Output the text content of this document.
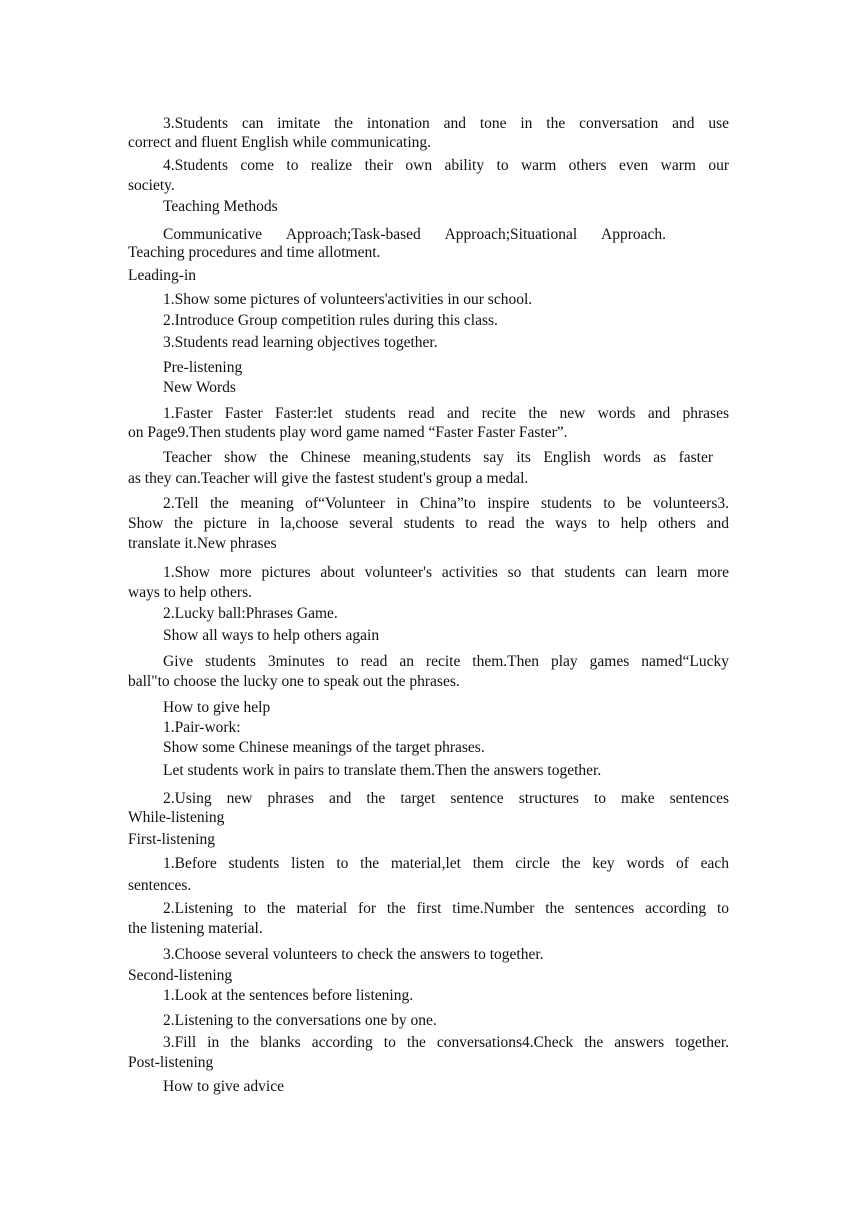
3.Students can imitate the intonation and tone in the conversation and use
correct and fluent English while communicating.
4.Students come to realize their own ability to warm others even warm our
society.
Teaching Methods
Communicative Approach;Task-based Approach;Situational Approach.
Teaching procedures and time allotment.
Leading-in
1.Show some pictures of volunteers'activities in our school.
2.Introduce Group competition rules during this class.
3.Students read learning objectives together.
Pre-listening
New Words
1.Faster Faster Faster:let students read and recite the new words and phrases
on Page9.Then students play word game named “Faster Faster Faster”.
Teacher show the Chinese meaning,students say its English words as faster
as they can.Teacher will give the fastest student's group a medal.
2.Tell the meaning of“Volunteer in China”to inspire students to be volunteers3.
Show the picture in la,choose several students to read the ways to help others and
translate it.New phrases
1.Show more pictures about volunteer's activities so that students can learn more
ways to help others.
2.Lucky ball:Phrases Game.
Show all ways to help others again
Give students 3minutes to read an recite them.Then play games named“Lucky
ball"to choose the lucky one to speak out the phrases.
How to give help
1.Pair-work:
Show some Chinese meanings of the target phrases.
Let students work in pairs to translate them.Then the answers together.
2.Using new phrases and the target sentence structures to make sentences
While-listening
First-listening
1.Before students listen to the material,let them circle the key words of each
sentences.
2.Listening to the material for the first time.Number the sentences according to
the listening material.
3.Choose several volunteers to check the answers to together.
Second-listening
1.Look at the sentences before listening.
2.Listening to the conversations one by one.
3.Fill in the blanks according to the conversations4.Check the answers together.
Post-listening
How to give advice
